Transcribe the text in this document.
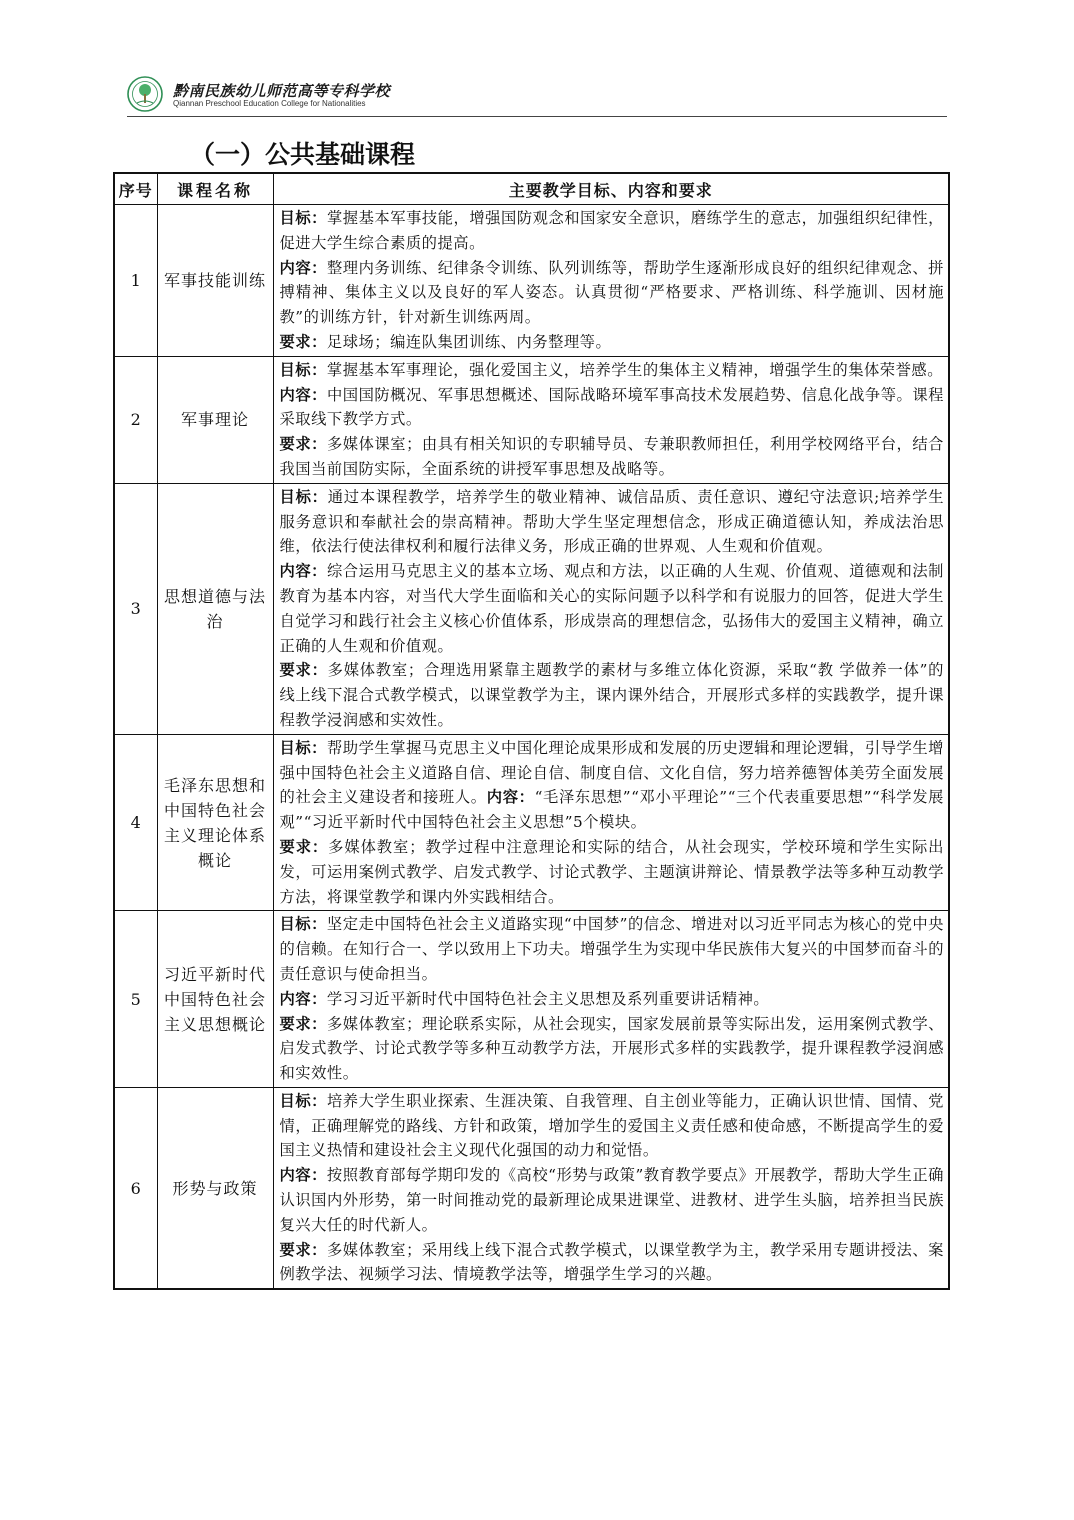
黔南民族幼儿师范高等专科学校
Qiannan Preschool Education College for Nationalities
（一）公共基础课程
序号	课程名称	主要教学目标、内容和要求
1	军事技能训练	目标：掌握基本军事技能，增强国防观念和国家安全意识，磨练学生的意志，加强组织纪律性，促进大学生综合素质的提高。

内容：整理内务训练、纪律条令训练、队列训练等，帮助学生逐渐形成良好的组织纪律观念、拼搏精神、集体主义以及良好的军人姿态。认真贯彻“严格要求、严格训练、科学施训、因材施教”的训练方针，针对新生训练两周。

要求：足球场；编连队集团训练、内务整理等。

2	军事理论	目标：掌握基本军事理论，强化爱国主义，培养学生的集体主义精神，增强学生的集体荣誉感。

内容：中国国防概况、军事思想概述、国际战略环境军事高技术发展趋势、信息化战争等。课程采取线下教学方式。

要求：多媒体课室；由具有相关知识的专职辅导员、专兼职教师担任，利用学校网络平台，结合我国当前国防实际，全面系统的讲授军事思想及战略等。

3	思想道德与法治	目标：通过本课程教学，培养学生的敬业精神、诚信品质、责任意识、遵纪守法意识;培养学生服务意识和奉献社会的崇高精神。帮助大学生坚定理想信念，形成正确道德认知，养成法治思维，依法行使法律权利和履行法律义务，形成正确的世界观、人生观和价值观。

内容：综合运用马克思主义的基本立场、观点和方法，以正确的人生观、价值观、道德观和法制教育为基本内容，对当代大学生面临和关心的实际问题予以科学和有说服力的回答，促进大学生自觉学习和践行社会主义核心价值体系，形成崇高的理想信念，弘扬伟大的爱国主义精神，确立正确的人生观和价值观。

要求：多媒体教室；合理选用紧靠主题教学的素材与多维立体化资源，采取“教 学做养一体”的线上线下混合式教学模式，以课堂教学为主，课内课外结合，开展形式多样的实践教学，提升课程教学浸润感和实效性。

4	毛泽东思想和中国特色社会主义理论体系概论	目标：帮助学生掌握马克思主义中国化理论成果形成和发展的历史逻辑和理论逻辑，引导学生增强中国特色社会主义道路自信、理论自信、制度自信、文化自信，努力培养德智体美劳全面发展的社会主义建设者和接班人。内容：“毛泽东思想”“邓小平理论”“三个代表重要思想”“科学发展观”“习近平新时代中国特色社会主义思想”5个模块。

要求：多媒体教室；教学过程中注意理论和实际的结合，从社会现实，学校环境和学生实际出发，可运用案例式教学、启发式教学、讨论式教学、主题演讲辩论、情景教学法等多种互动教学方法，将课堂教学和课内外实践相结合。

5	习近平新时代中国特色社会主义思想概论	目标：坚定走中国特色社会主义道路实现“中国梦”的信念、增进对以习近平同志为核心的党中央的信赖。在知行合一、学以致用上下功夫。增强学生为实现中华民族伟大复兴的中国梦而奋斗的责任意识与使命担当。

内容：学习习近平新时代中国特色社会主义思想及系列重要讲话精神。

要求：多媒体教室；理论联系实际，从社会现实，国家发展前景等实际出发，运用案例式教学、启发式教学、讨论式教学等多种互动教学方法，开展形式多样的实践教学，提升课程教学浸润感和实效性。

6	形势与政策	目标：培养大学生职业探索、生涯决策、自我管理、自主创业等能力，正确认识世情、国情、党情，正确理解党的路线、方针和政策，增加学生的爱国主义责任感和使命感，不断提高学生的爱国主义热情和建设社会主义现代化强国的动力和觉悟。

内容：按照教育部每学期印发的《高校“形势与政策”教育教学要点》开展教学，帮助大学生正确认识国内外形势，第一时间推动党的最新理论成果进课堂、进教材、进学生头脑，培养担当民族复兴大任的时代新人。

要求：多媒体教室；采用线上线下混合式教学模式，以课堂教学为主，教学采用专题讲授法、案例教学法、视频学习法、情境教学法等，增强学生学习的兴趣。
